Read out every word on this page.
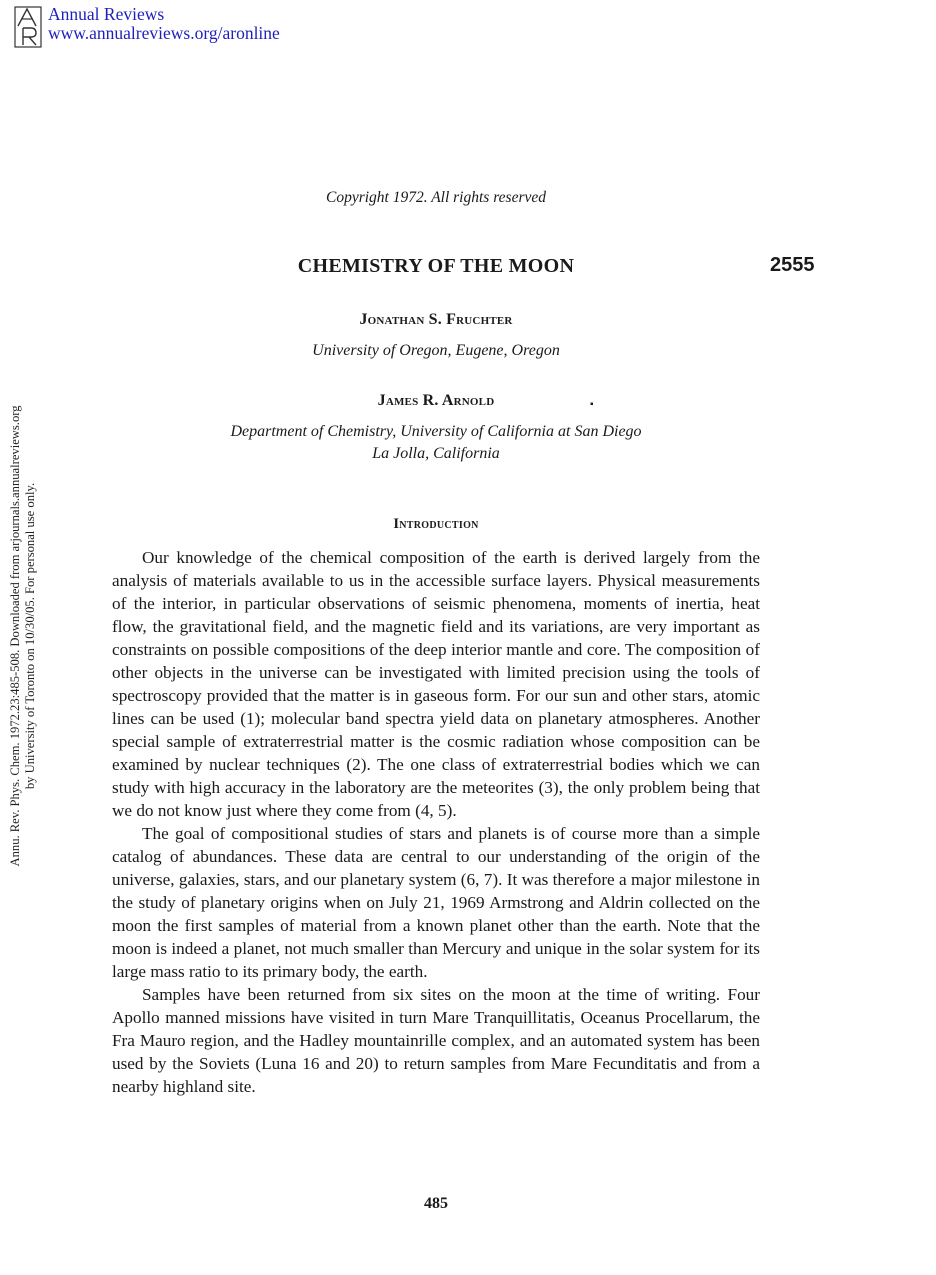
Annual Reviews
www.annualreviews.org/aronline
Annu. Rev. Phys. Chem. 1972.23:485-508. Downloaded from arjournals.annualreviews.org by University of Toronto on 10/30/05. For personal use only.
Copyright 1972. All rights reserved
CHEMISTRY OF THE MOON	2555
Jonathan S. Fruchter
University of Oregon, Eugene, Oregon
James R. Arnold	▪
Department of Chemistry, University of California at San Diego
La Jolla, California
Introduction

Our knowledge of the chemical composition of the earth is derived largely from the analysis of materials available to us in the accessible surface layers. Physical measurements of the interior, in particular observations of seismic phenomena, moments of inertia, heat flow, the gravitational field, and the magnetic field and its variations, are very important as constraints on possible compositions of the deep interior mantle and core. The composition of other objects in the universe can be investigated with limited precision using the tools of spectroscopy provided that the matter is in gaseous form. For our sun and other stars, atomic lines can be used (1); molecular band spectra yield data on planetary atmospheres. Another special sample of extraterrestrial matter is the cosmic radiation whose composition can be examined by nuclear techniques (2). The one class of extraterrestrial bodies which we can study with high accuracy in the laboratory are the meteorites (3), the only problem being that we do not know just where they come from (4, 5).

The goal of compositional studies of stars and planets is of course more than a simple catalog of abundances. These data are central to our understanding of the origin of the universe, galaxies, stars, and our planetary system (6, 7). It was therefore a major milestone in the study of planetary origins when on July 21, 1969 Armstrong and Aldrin collected on the moon the first samples of material from a known planet other than the earth. Note that the moon is indeed a planet, not much smaller than Mercury and unique in the solar system for its large mass ratio to its primary body, the earth.

Samples have been returned from six sites on the moon at the time of writing. Four Apollo manned missions have visited in turn Mare Tranquillitatis, Oceanus Procellarum, the Fra Mauro region, and the Hadley mountainrille complex, and an automated system has been used by the Soviets (Luna 16 and 20) to return samples from Mare Fecunditatis and from a nearby highland site.

485
